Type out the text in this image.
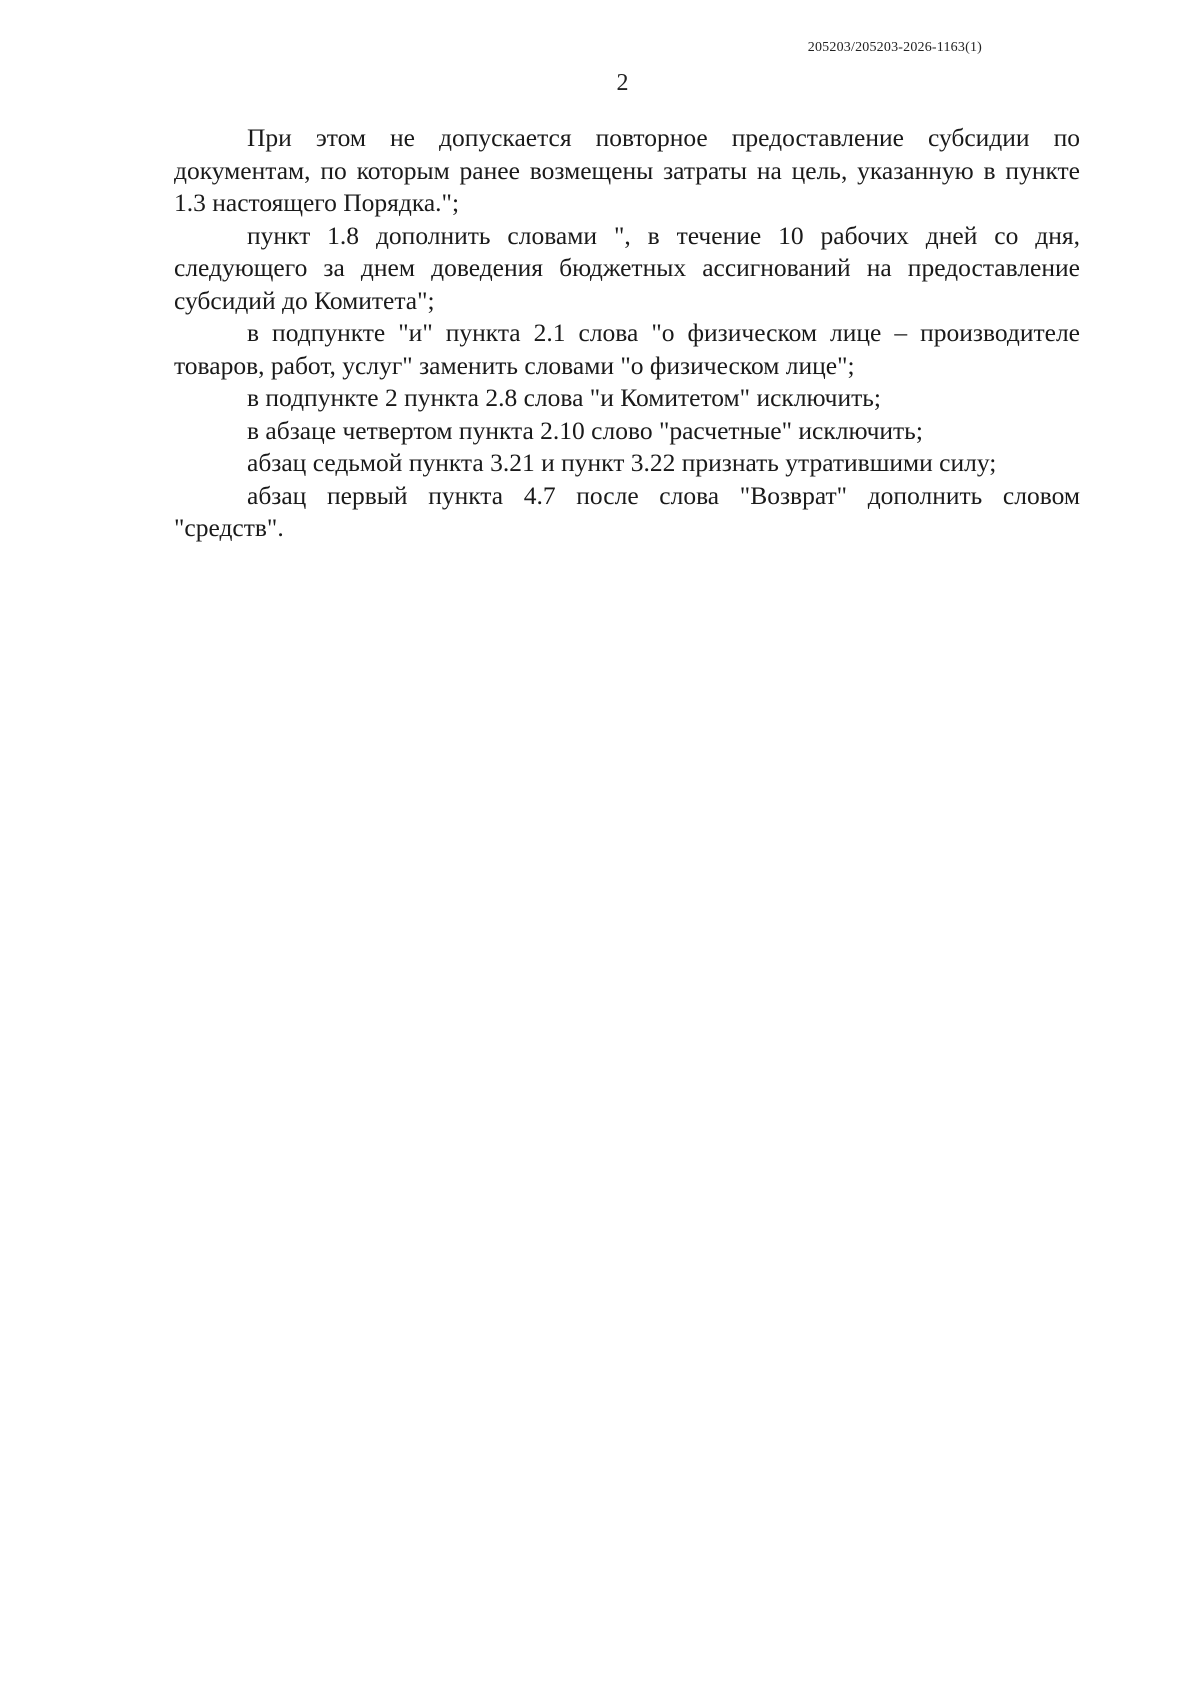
205203/205203-2026-1163(1)
2

При этом не допускается повторное предоставление субсидии по документам, по которым ранее возмещены затраты на цель, указанную в пункте 1.3 настоящего Порядка.";

пункт 1.8 дополнить словами ", в течение 10 рабочих дней со дня, следующего за днем доведения бюджетных ассигнований на предоставление субсидий до Комитета";

в подпункте "и" пункта 2.1 слова "о физическом лице – производителе товаров, работ, услуг" заменить словами "о физическом лице";

в подпункте 2 пункта 2.8 слова "и Комитетом" исключить;

в абзаце четвертом пункта 2.10 слово "расчетные" исключить;

абзац седьмой пункта 3.21 и пункт 3.22 признать утратившими силу;

абзац первый пункта 4.7 после слова "Возврат" дополнить словом "средств".
